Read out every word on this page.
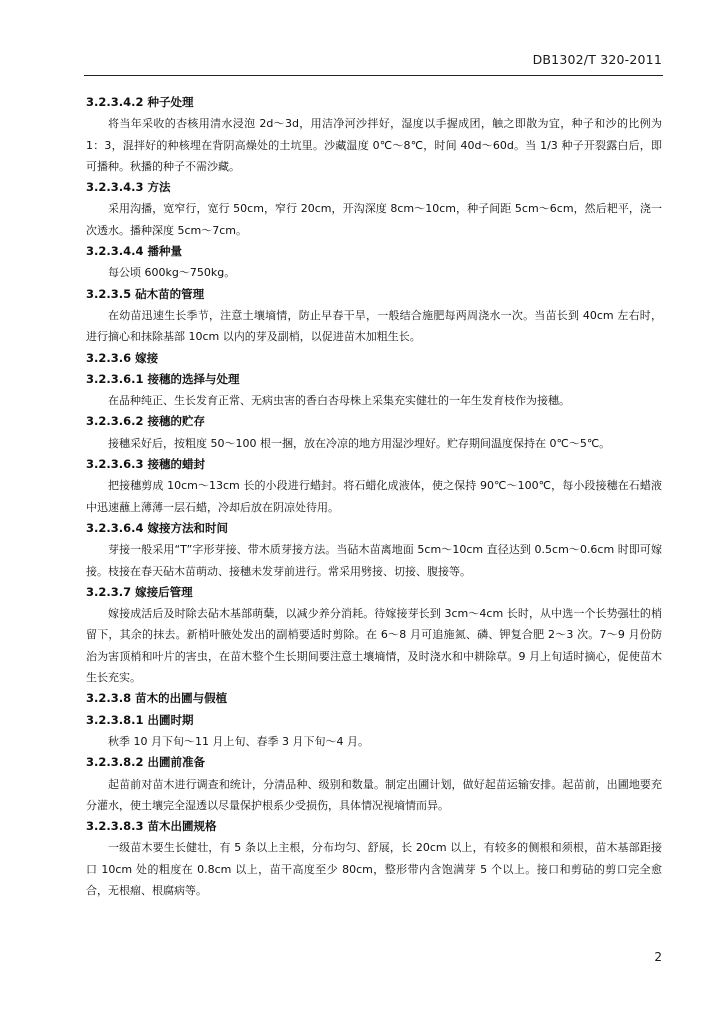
DB1302/T 320-2011
3.2.3.4.2 种子处理
将当年采收的杏核用清水浸泡 2d～3d，用洁净河沙拌好，湿度以手握成团，触之即散为宜，种子和沙的比例为 1：3，混拌好的种核埋在背阴高燥处的土坑里。沙藏温度 0℃～8℃，时间 40d～60d。当 1/3 种子开裂露白后，即可播种。秋播的种子不需沙藏。
3.2.3.4.3 方法
采用沟播，宽窄行，宽行 50cm，窄行 20cm，开沟深度 8cm～10cm，种子间距 5cm～6cm，然后耙平，浇一次透水。播种深度 5cm～7cm。
3.2.3.4.4 播种量
每公顷 600kg～750kg。
3.2.3.5 砧木苗的管理
在幼苗迅速生长季节，注意土壤墒情，防止早春干旱，一般结合施肥每两周浇水一次。当苗长到 40cm 左右时，进行摘心和抹除基部 10cm 以内的芽及副梢，以促进苗木加粗生长。
3.2.3.6 嫁接
3.2.3.6.1 接穗的选择与处理
在品种纯正、生长发育正常、无病虫害的香白杏母株上采集充实健壮的一年生发育枝作为接穗。
3.2.3.6.2 接穗的贮存
接穗采好后，按粗度 50～100 根一捆，放在冷凉的地方用湿沙埋好。贮存期间温度保持在 0℃～5℃。
3.2.3.6.3 接穗的蜡封
把接穗剪成 10cm～13cm 长的小段进行蜡封。将石蜡化成液体，使之保持 90℃～100℃，每小段接穗在石蜡液中迅速蘸上薄薄一层石蜡，冷却后放在阴凉处待用。
3.2.3.6.4 嫁接方法和时间
芽接一般采用“T”字形芽接、带木质芽接方法。当砧木苗离地面 5cm～10cm 直径达到 0.5cm～0.6cm 时即可嫁接。枝接在春天砧木苗萌动、接穗未发芽前进行。常采用劈接、切接、腹接等。
3.2.3.7 嫁接后管理
嫁接成活后及时除去砧木基部萌蘖，以减少养分消耗。待嫁接芽长到 3cm～4cm 长时，从中选一个长势强壮的梢留下，其余的抹去。新梢叶腋处发出的副梢要适时剪除。在 6～8 月可追施氮、磷、钾复合肥 2～3 次。7～9 月份防治为害顶梢和叶片的害虫，在苗木整个生长期间要注意土壤墒情，及时浇水和中耕除草。9 月上旬适时摘心，促使苗木生长充实。
3.2.3.8 苗木的出圃与假植
3.2.3.8.1 出圃时期
秋季 10 月下旬～11 月上旬、春季 3 月下旬～4 月。
3.2.3.8.2 出圃前准备
起苗前对苗木进行调查和统计，分清品种、级别和数量。制定出圃计划，做好起苗运输安排。起苗前，出圃地要充分灌水，使土壤完全湿透以尽量保护根系少受损伤，具体情况视墒情而异。
3.2.3.8.3 苗木出圃规格
一级苗木要生长健壮，有 5 条以上主根，分布均匀、舒展，长 20cm 以上，有较多的侧根和须根，苗木基部距接口 10cm 处的粗度在 0.8cm 以上，苗干高度至少 80cm，整形带内含饱满芽 5 个以上。接口和剪砧的剪口完全愈合，无根瘤、根腐病等。
2
